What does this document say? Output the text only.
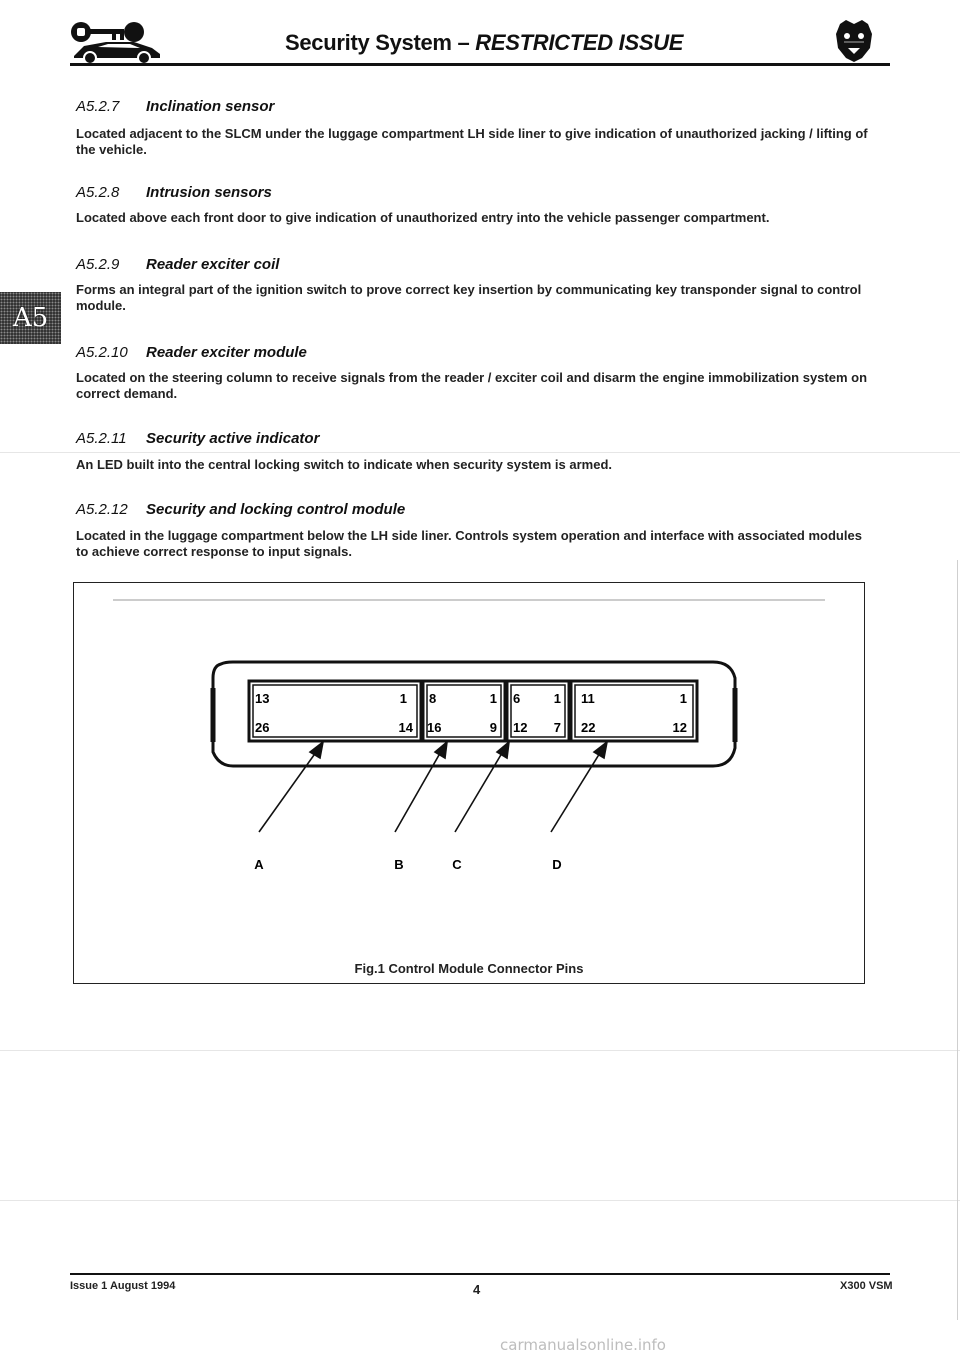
Security System – RESTRICTED ISSUE
A5
A5.2.7 Inclination sensor
Located adjacent to the SLCM under the luggage compartment LH side liner to give indication of unauthorized jacking / lifting of the vehicle.
A5.2.8 Intrusion sensors
Located above each front door to give indication of unauthorized entry into the vehicle passenger compartment.
A5.2.9 Reader exciter coil
Forms an integral part of the ignition switch to prove correct key insertion by communicating key transponder signal to control module.
A5.2.10 Reader exciter module
Located on the steering column to receive signals from the reader / exciter coil and disarm the engine immobilization system on correct demand.
A5.2.11 Security active indicator
An LED built into the central locking switch to indicate when security system is armed.
A5.2.12 Security and locking control module
Located in the luggage compartment below the LH side liner. Controls system operation and interface with associated modules to achieve correct response to input signals.
13	1
26	14
8	1
16	9
6	1
12 7
11	1
22	12
A	B	C	D
Fig.1 Control Module Connector Pins
Issue 1 August 1994	4	X300 VSM
carmanualsonline.info
